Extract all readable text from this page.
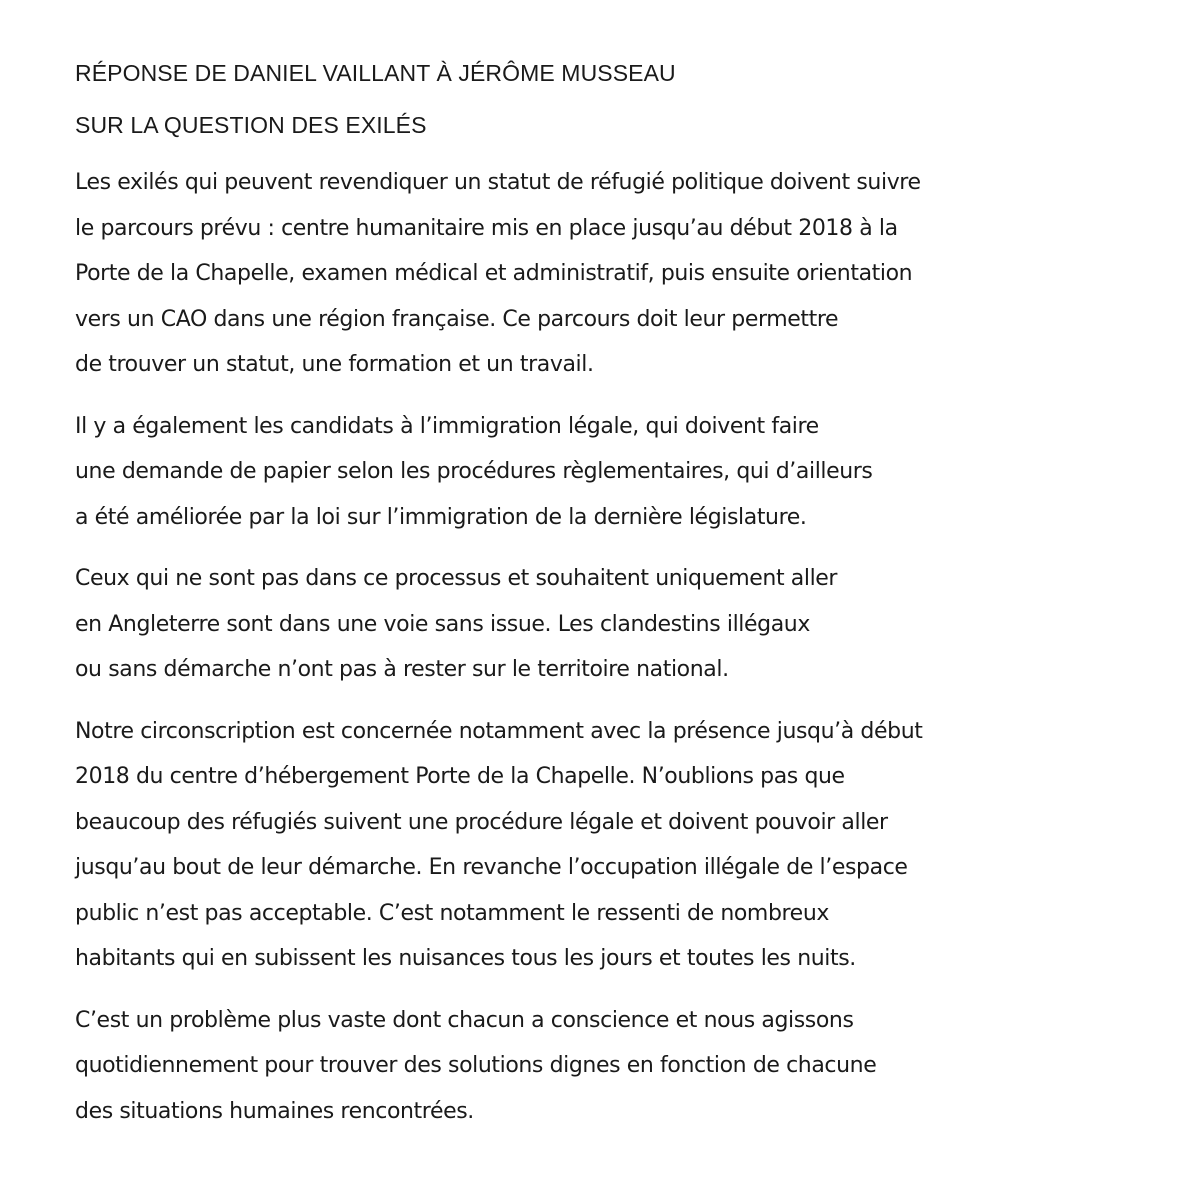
RÉPONSE DE DANIEL VAILLANT À JÉRÔME MUSSEAU
SUR LA QUESTION DES EXILÉS

Les exilés qui peuvent revendiquer un statut de réfugié politique doivent suivre
le parcours prévu : centre humanitaire mis en place jusqu’au début 2018 à la
Porte de la Chapelle, examen médical et administratif, puis ensuite orientation
vers un CAO dans une région française. Ce parcours doit leur permettre
de trouver un statut, une formation et un travail.

Il y a également les candidats à l’immigration légale, qui doivent faire
une demande de papier selon les procédures règlementaires, qui d’ailleurs
a été améliorée par la loi sur l’immigration de la dernière législature.

Ceux qui ne sont pas dans ce processus et souhaitent uniquement aller
en Angleterre sont dans une voie sans issue. Les clandestins illégaux
ou sans démarche n’ont pas à rester sur le territoire national.

Notre circonscription est concernée notamment avec la présence jusqu’à début
2018 du centre d’hébergement Porte de la Chapelle. N’oublions pas que
beaucoup des réfugiés suivent une procédure légale et doivent pouvoir aller
jusqu’au bout de leur démarche. En revanche l’occupation illégale de l’espace
public n’est pas acceptable. C’est notamment le ressenti de nombreux
habitants qui en subissent les nuisances tous les jours et toutes les nuits.

C’est un problème plus vaste dont chacun a conscience et nous agissons
quotidiennement pour trouver des solutions dignes en fonction de chacune
des situations humaines rencontrées.
